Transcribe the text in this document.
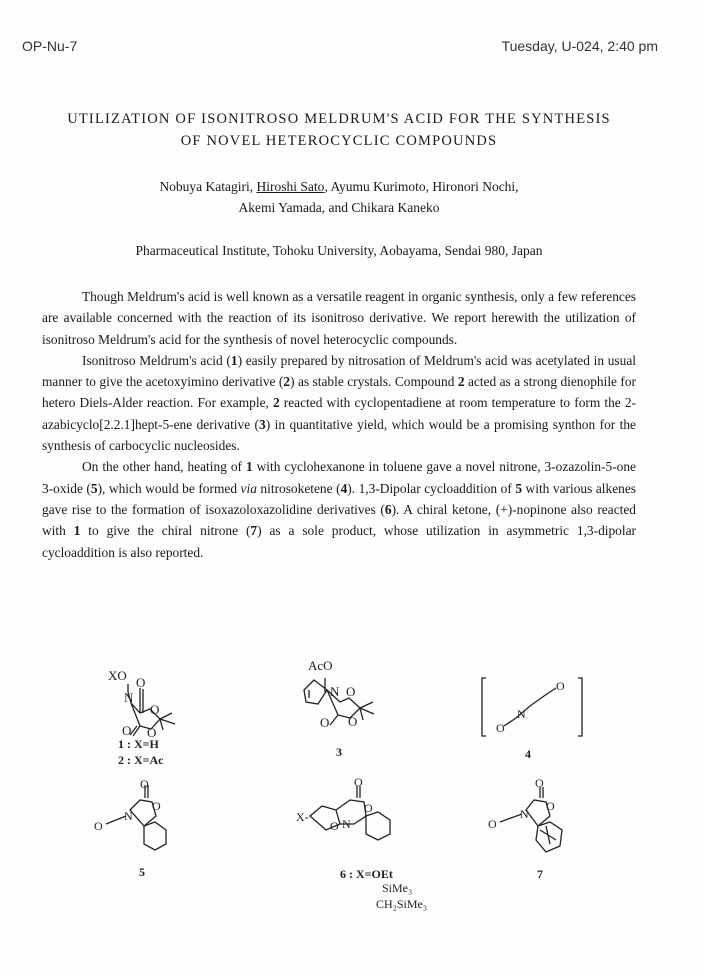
OP-Nu-7	Tuesday, U-024, 2:40 pm
UTILIZATION OF ISONITROSO MELDRUM'S ACID FOR THE SYNTHESIS
OF NOVEL HETEROCYCLIC COMPOUNDS
Nobuya Katagiri, Hiroshi Sato, Ayumu Kurimoto, Hironori Nochi,
Akemi Yamada, and Chikara Kaneko
Pharmaceutical Institute, Tohoku University, Aobayama, Sendai 980, Japan

Though Meldrum's acid is well known as a versatile reagent in organic synthesis, only a few references are available concerned with the reaction of its isonitroso derivative. We report herewith the utilization of isonitroso Meldrum's acid for the synthesis of novel heterocyclic compounds.

Isonitroso Meldrum's acid (1) easily prepared by nitrosation of Meldrum's acid was acetylated in usual manner to give the acetoxyimino derivative (2) as stable crystals. Compound 2 acted as a strong dienophile for hetero Diels-Alder reaction. For example, 2 reacted with cyclopentadiene at room temperature to form the 2-azabicyclo[2.2.1]hept-5-ene derivative (3) in quantitative yield, which would be a promising synthon for the synthesis of carbocyclic nucleosides.

On the other hand, heating of 1 with cyclohexanone in toluene gave a novel nitrone, 3-ozazolin-5-one 3-oxide (5), which would be formed via nitrosoketene (4). 1,3-Dipolar cycloaddition of 5 with various alkenes gave rise to the formation of isoxazoloxazolidine derivatives (6). A chiral ketone, (+)-nopinone also reacted with 1 to give the chiral nitrone (7) as a sole product, whose utilization in asymmetric 1,3-dipolar cycloaddition is also reported.

XO
N
O
O
O
O
1 : X=H
2 : X=Ac
AcO
N O
O
O
3
O
N
O
4
O
O
N
O
5
X-
O
O
O N
6 : X=OEt
SiMe₃
CH₂SiMe₃
O
O
N
O
7
